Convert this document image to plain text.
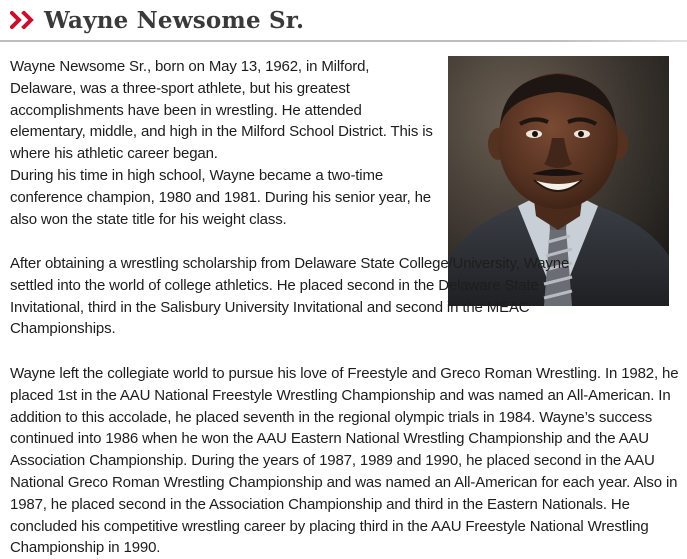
Wayne Newsome Sr.

Wayne Newsome Sr., born on May 13, 1962, in Milford, Delaware, was a three-sport athlete, but his greatest accomplishments have been in wrestling. He attended elementary, middle, and high in the Milford School District. This is where his athletic career began.

During his time in high school, Wayne became a two-time conference champion, 1980 and 1981. During his senior year, he also won the state title for his weight class.

After obtaining a wrestling scholarship from Delaware State College/University, Wayne settled into the world of college athletics. He placed second in the Delaware State Invitational, third in the Salisbury University Invitational and second in the MEAC Championships.

Wayne left the collegiate world to pursue his love of Freestyle and Greco Roman Wrestling. In 1982, he placed 1st in the AAU National Freestyle Wrestling Championship and was named an All-American. In addition to this accolade, he placed seventh in the regional olympic trials in 1984. Wayne’s success continued into 1986 when he won the AAU Eastern National Wrestling Championship and the AAU Association Championship. During the years of 1987, 1989 and 1990, he placed second in the AAU National Greco Roman Wrestling Championship and was named an All-American for each year. Also in 1987, he placed second in the Association Championship and third in the Eastern Nationals. He concluded his competitive wrestling career by placing third in the AAU Freestyle National Wrestling Championship in 1990.
